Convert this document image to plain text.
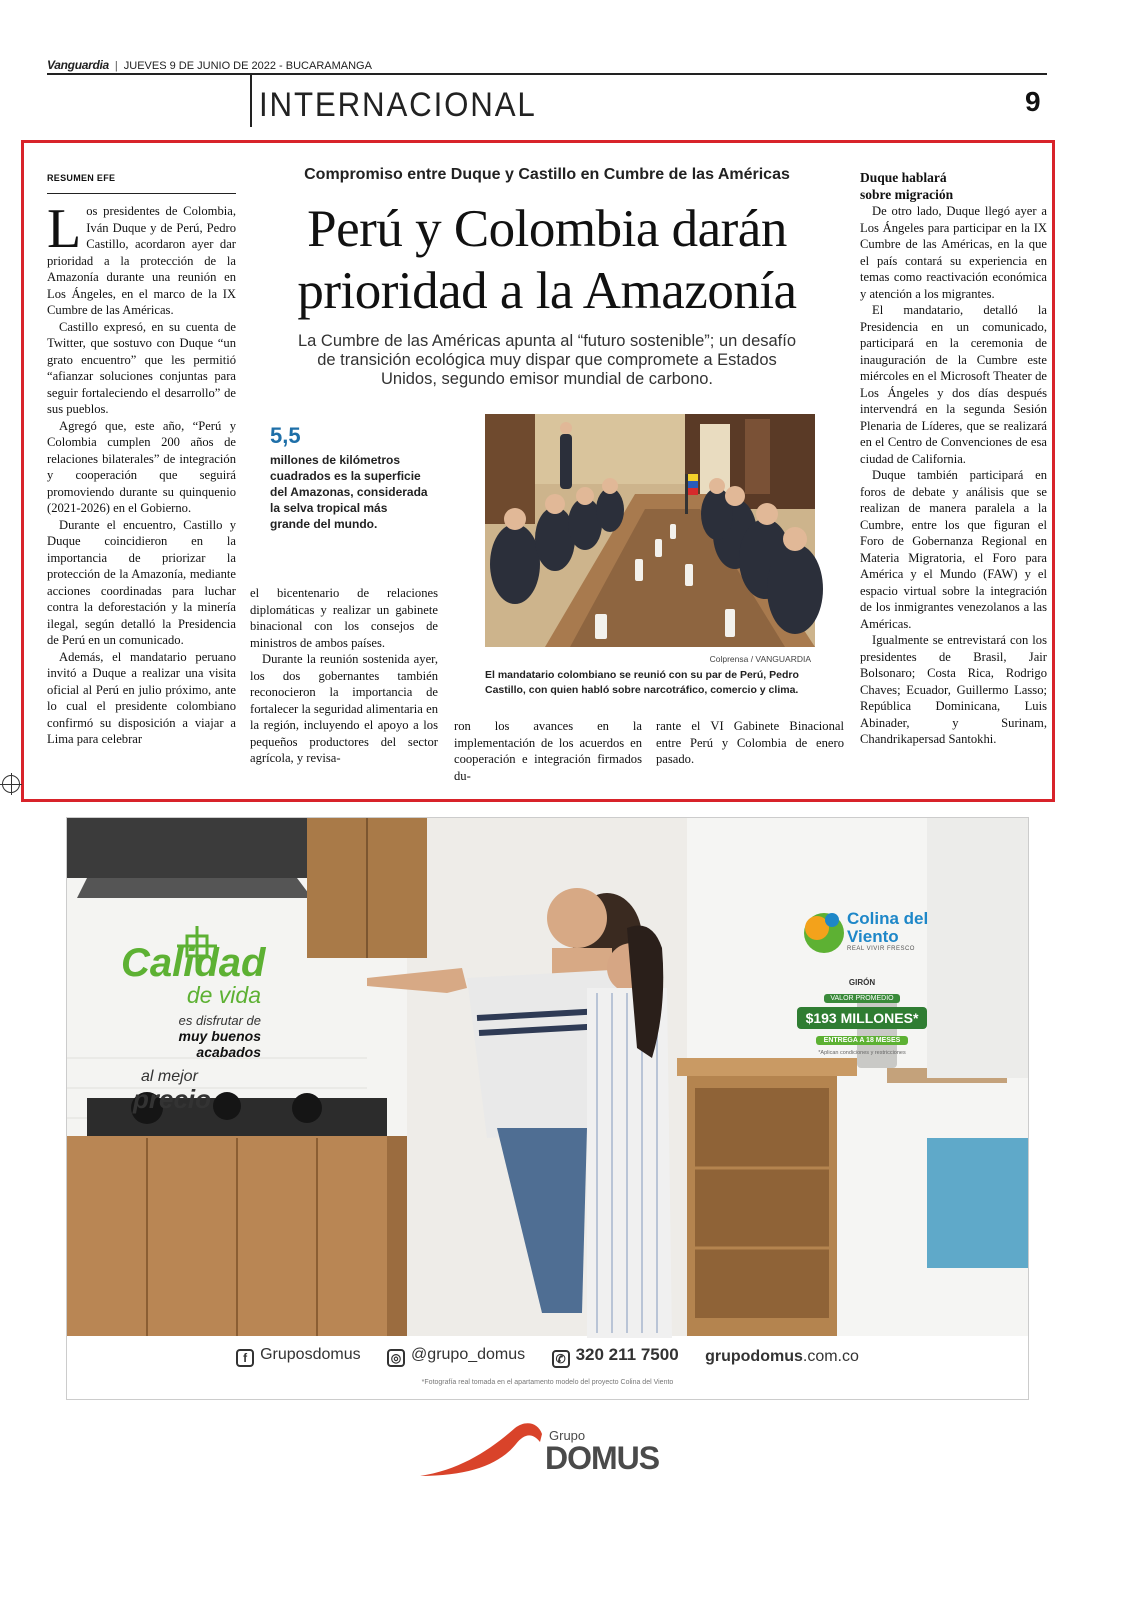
Vanguardia | JUEVES 9 DE JUNIO DE 2022 - BUCARAMANGA
INTERNACIONAL	9
RESUMEN EFE

Los presidentes de Colombia, Iván Duque y de Perú, Pedro Castillo, acordaron ayer dar prioridad a la protección de la Amazonía durante una reunión en Los Ángeles, en el marco de la IX Cumbre de las Américas.

Castillo expresó, en su cuenta de Twitter, que sostuvo con Duque “un grato encuentro” que les permitió “afianzar soluciones conjuntas para seguir fortaleciendo el desarrollo” de sus pueblos.

Agregó que, este año, “Perú y Colombia cumplen 200 años de relaciones bilaterales” de integración y cooperación que seguirá promoviendo durante su quinquenio (2021-2026) en el Gobierno.

Durante el encuentro, Castillo y Duque coincidieron en la importancia de priorizar la protección de la Amazonía, mediante acciones coordinadas para luchar contra la deforestación y la minería ilegal, según detalló la Presidencia de Perú en un comunicado.

Además, el mandatario peruano invitó a Duque a realizar una visita oficial al Perú en julio próximo, ante lo cual el presidente colombiano confirmó su disposición a viajar a Lima para celebrar

Compromiso entre Duque y Castillo en Cumbre de las Américas
Perú y Colombia darán
prioridad a la Amazonía
La Cumbre de las Américas apunta al “futuro sostenible”; un desafío de transición ecológica muy dispar que compromete a Estados Unidos, segundo emisor mundial de carbono.
5,5
millones de kilómetros cuadrados es la superficie del Amazonas, considerada la selva tropical más grande del mundo.
Colprensa / VANGUARDIA
El mandatario colombiano se reunió con su par de Perú, Pedro Castillo, con quien habló sobre narcotráfico, comercio y clima.

el bicentenario de relaciones diplomáticas y realizar un gabinete binacional con los consejos de ministros de ambos países.

Durante la reunión sostenida ayer, los dos gobernantes también reconocieron la importancia de fortalecer la seguridad alimentaria en la región, incluyendo el apoyo a los pequeños productores del sector agrícola, y revisa-

ron los avances en la implementación de los acuerdos en cooperación e integración firmados du-

rante el VI Gabinete Binacional entre Perú y Colombia de enero pasado.

Duque hablará
sobre migración

De otro lado, Duque llegó ayer a Los Ángeles para participar en la IX Cumbre de las Américas, en la que el país contará su experiencia en temas como reactivación económica y atención a los migrantes.

El mandatario, detalló la Presidencia en un comunicado, participará en la ceremonia de inauguración de la Cumbre este miércoles en el Microsoft Theater de Los Ángeles y dos días después intervendrá en la segunda Sesión Plenaria de Líderes, que se realizará en el Centro de Convenciones de esa ciudad de California.

Duque también participará en foros de debate y análisis que se realizan de manera paralela a la Cumbre, entre los que figuran el Foro de Gobernanza Regional en Materia Migratoria, el Foro para América y el Mundo (FAW) y el espacio virtual sobre la integración de los inmigrantes venezolanos a las Américas.

Igualmente se entrevistará con los presidentes de Brasil, Jair Bolsonaro; Costa Rica, Rodrigo Chaves; Ecuador, Guillermo Lasso; República Dominicana, Luis Abinader, y Surinam, Chandrikapersad Santokhi.

Calidad
de vida
es disfrutar de
muy buenos acabados
al mejor
precio
Colina del Viento
REAL VIVIR FRESCO
GIRÓN
VALOR PROMEDIO
$193 MILLONES*
ENTREGA A 18 MESES
*Aplican condiciones y restricciones
f Gruposdomus	◎ @grupo_domus	✆ 320 211 7500 grupodomus.com.co
*Fotografía real tomada en el apartamento modelo del proyecto Colina del Viento
Grupo
DOMUS
